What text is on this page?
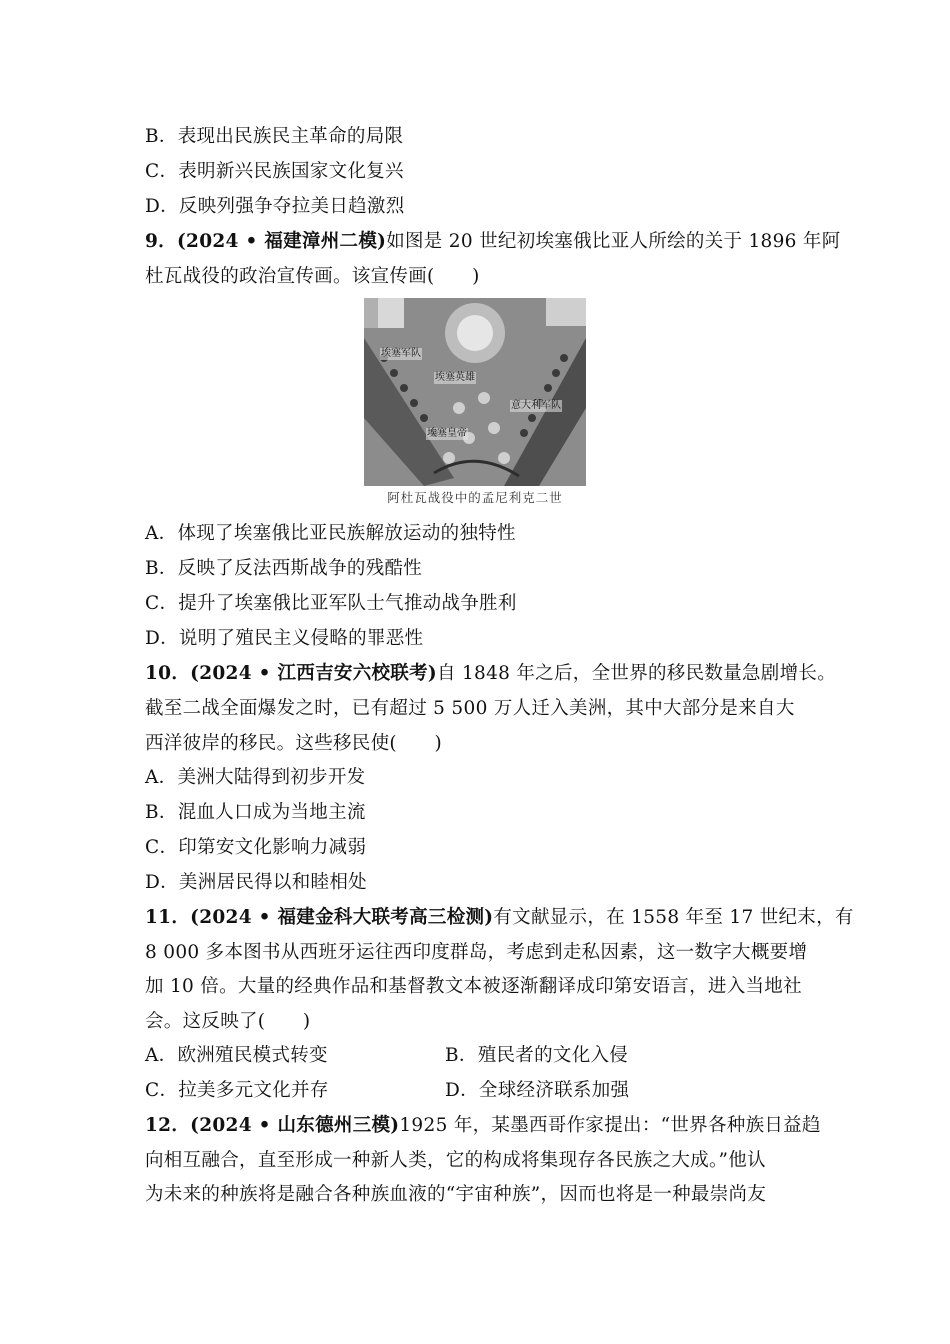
B．表现出民族民主革命的局限
C．表明新兴民族国家文化复兴
D．反映列强争夺拉美日趋激烈
9．(2024 • 福建漳州二模)如图是 20 世纪初埃塞俄比亚人所绘的关于 1896 年阿
杜瓦战役的政治宣传画。该宣传画(　　)
埃塞军队
埃塞英雄
意大利军队
埃塞皇帝
阿杜瓦战役中的孟尼利克二世
A．体现了埃塞俄比亚民族解放运动的独特性
B．反映了反法西斯战争的残酷性
C．提升了埃塞俄比亚军队士气推动战争胜利
D．说明了殖民主义侵略的罪恶性
10．(2024 • 江西吉安六校联考)自 1848 年之后，全世界的移民数量急剧增长。
截至二战全面爆发之时，已有超过 5 500 万人迁入美洲，其中大部分是来自大
西洋彼岸的移民。这些移民使(　　)
A．美洲大陆得到初步开发
B．混血人口成为当地主流
C．印第安文化影响力减弱
D．美洲居民得以和睦相处
11．(2024 • 福建金科大联考高三检测)有文献显示，在 1558 年至 17 世纪末，有
8 000 多本图书从西班牙运往西印度群岛，考虑到走私因素，这一数字大概要增
加 10 倍。大量的经典作品和基督教文本被逐渐翻译成印第安语言，进入当地社
会。这反映了(　　)
A．欧洲殖民模式转变	B．殖民者的文化入侵
C．拉美多元文化并存	D．全球经济联系加强
12．(2024 • 山东德州三模)1925 年，某墨西哥作家提出：“世界各种族日益趋
向相互融合，直至形成一种新人类，它的构成将集现存各民族之大成。”他认
为未来的种族将是融合各种族血液的“宇宙种族”，因而也将是一种最崇尚友
